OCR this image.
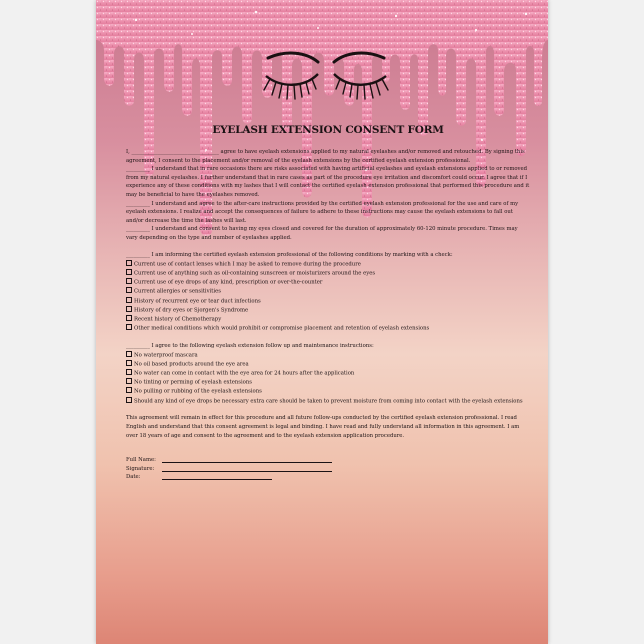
EYELASH EXTENSION CONSENT FORM

I, _________________________________ agree to have eyelash extensions applied to my natural eyelashes and/or removed and retouched. By signing this agreement, I consent to the placement and/or removal of the eyelash extensions by the certified eyelash extension professional.

_________ I understand that in rare occasions there are risks associated with having artificial eyelashes and eyelash extensions applied to or removed from my natural eyelashes. I further understand that in rare cases as part of the procedure eye irritation and discomfort could occur. I agree that if I experience any of these conditions with my lashes that I will contact the certified eyelash extension professional that performed this procedure and it may be beneficial to have the eyelashes removed.

_________ I understand and agree to the after-care instructions provided by the certified eyelash extension professional for the use and care of my eyelash extensions. I realize and accept the consequences of failure to adhere to these instructions may cause the eyelash extensions to fall out and/or decrease the time the lashes will last.

_________ I understand and consent to having my eyes closed and covered for the duration of approximately 60-120 minute procedure. Times may vary depending on the type and number of eyelashes applied.

_________ I am informing the certified eyelash extension professional of the following conditions by marking with a check:

Current use of contact lenses which I may be asked to remove during the procedure
Current use of anything such as oil-containing sunscreen or moisturizers around the eyes
Current use of eye drops of any kind, prescription or over-the-counter
Current allergies or sensitivities
History of recurrent eye or tear duct infections
History of dry eyes or Sjorgen's Syndrome
Recent history of Chemotherapy
Other medical conditions which would prohibit or compromise placement and retention of eyelash extensions

_________ I agree to the following eyelash extension follow up and maintenance instructions:

No waterproof mascara
No oil based products around the eye area
No water can come in contact with the eye area for 24 hours after the application
No tinting or perming of eyelash extensions
No pulling or rubbing of the eyelash extensions
Should any kind of eye drops be necessary extra care should be taken to prevent moisture from coming into contact with the eyelash extensions

This agreement will remain in effect for this procedure and all future follow-ups conducted by the certified eyelash extension professional. I read English and understand that this consent agreement is legal and binding. I have read and fully understand all information in this agreement. I am over 18 years of age and consent to the agreement and to the eyelash extension application procedure.

Full Name:
Signature:
Date:
